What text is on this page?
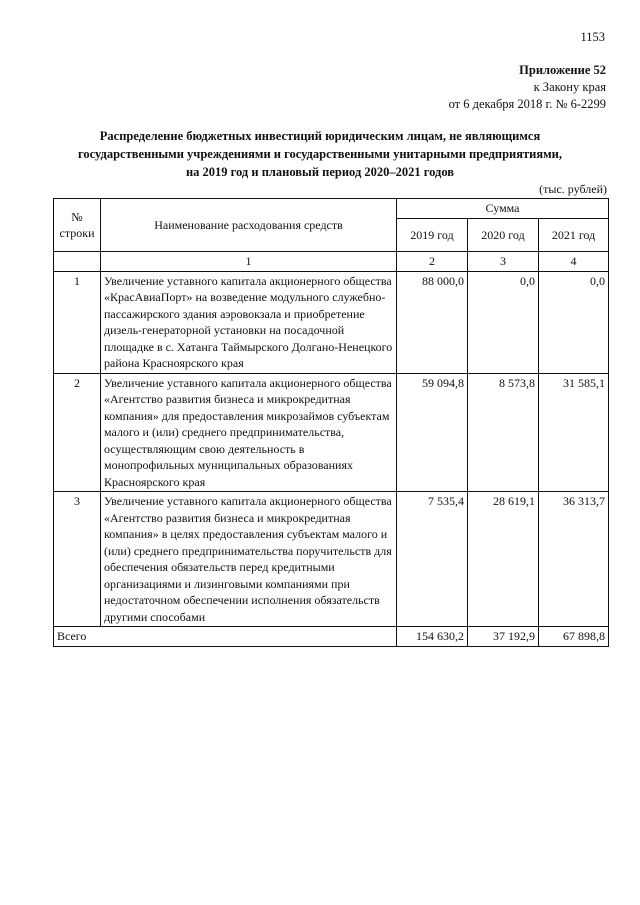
1153
Приложение 52
к Закону края
от 6 декабря 2018 г. № 6-2299
Распределение бюджетных инвестиций юридическим лицам, не являющимся
государственными учреждениями и государственными унитарными предприятиями,
на 2019 год и плановый период 2020–2021 годов
(тыс. рублей)
№ строки	Наименование расходования средств	Сумма		
		2019 год	2020 год	2021 год
	1	2	3	4
1	Увеличение уставного капитала акционерного общества «КрасАвиаПорт» на возведение модульного служебно-пассажирского здания аэровокзала и приобретение дизель-генераторной установки на посадочной площадке в с. Хатанга Таймырского Долгано-Ненецкого района Красноярского края	88 000,0	0,0	0,0
2	Увеличение уставного капитала акционерного общества «Агентство развития бизнеса и микрокредитная компания» для предоставления микрозаймов субъектам малого и (или) среднего предпринимательства, осуществляющим свою деятельность в монопрофильных муниципальных образованиях Красноярского края	59 094,8	8 573,8	31 585,1
3	Увеличение уставного капитала акционерного общества «Агентство развития бизнеса и микрокредитная компания» в целях предоставления субъектам малого и (или) среднего предпринимательства поручительств для обеспечения обязательств перед кредитными организациями и лизинговыми компаниями при недостаточном обеспечении исполнения обязательств другими способами	7 535,4	28 619,1	36 313,7
Всего		154 630,2	37 192,9	67 898,8
